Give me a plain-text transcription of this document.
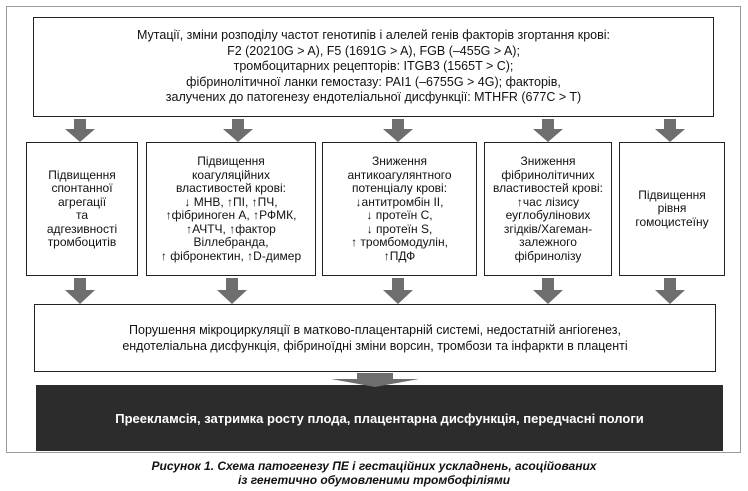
Мутації, зміни розподілу частот генотипів і алелей генів факторів згортання крові:
F2 (20210G > A), F5 (1691G > A), FGB (–455G > A);
тромбоцитарних рецепторів: ITGB3 (1565T > C);
фібринолітичної ланки гемостазу: PAI1 (–6755G > 4G); факторів,
залучених до патогенезу ендотеліальної дисфункції: MTHFR (677C > T)
Підвищення
спонтанної
агрегації
та
адгезивності
тромбоцитів
Підвищення
коагуляційних
властивостей крові:
↓ МНВ, ↑ПІ, ↑ПЧ,
↑фібриноген А, ↑РФМК,
↑АЧТЧ, ↑фактор
Віллебранда,
↑ фібронектин, ↑D-димер
Зниження
антикоагулянтного
потенціалу крові:
↓антитромбін II,
↓ протеїн С,
↓ протеїн S,
↑ тромбомодулін,
↑ПДФ
Зниження
фібринолітичних
властивостей крові:
↑час лізису
еуглобулінових
згідків/Хагеман-
залежного
фібринолізу
Підвищення
рівня
гомоцистеїну
Порушення мікроциркуляції в матково-плацентарній системі, недостатній ангіогенез,
ендотеліальна дисфункція, фібриноїдні зміни ворсин, тромбози та інфаркти в плаценті
Преекламсія, затримка росту плода, плацентарна дисфункція, передчасні пологи
Рисунок 1. Схема патогенезу ПЕ і гестаційних ускладнень, асоційованих
із генетично обумовленими тромбофіліями
